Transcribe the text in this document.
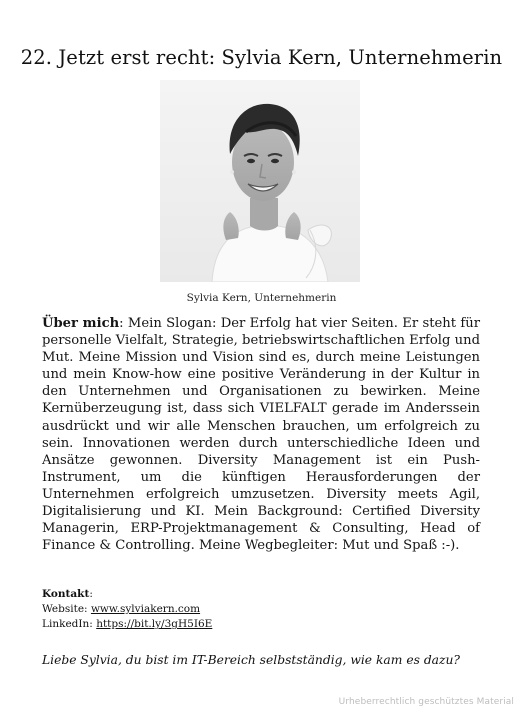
22. Jetzt erst recht: Sylvia Kern, Unternehmerin
Sylvia Kern, Unternehmerin

Über mich: Mein Slogan: Der Erfolg hat vier Seiten. Er steht für personelle Vielfalt, Strategie, betriebswirtschaftlichen Erfolg und Mut. Meine Mission und Vision sind es, durch meine Leistungen und mein Know-how eine positive Veränderung in der Kultur in den Unternehmen und Organisationen zu bewirken. Meine Kernüberzeugung ist, dass sich VIELFALT gerade im Anderssein ausdrückt und wir alle Menschen brauchen, um erfolgreich zu sein. Innovationen werden durch unterschiedliche Ideen und Ansätze gewonnen. Diversity Management ist ein Push-Instrument, um die künftigen Herausforderungen der Unternehmen erfolgreich umzusetzen. Diversity meets Agil, Digitalisierung und KI. Mein Background: Certified Diversity Managerin, ERP-Projektmanagement & Consulting, Head of Finance & Controlling. Meine Wegbegleiter: Mut und Spaß :-).

Kontakt:
Website: www.sylviakern.com
LinkedIn: https://bit.ly/3gH5I6E
Liebe Sylvia, du bist im IT-Bereich selbstständig, wie kam es dazu?
Urheberrechtlich geschütztes Material
